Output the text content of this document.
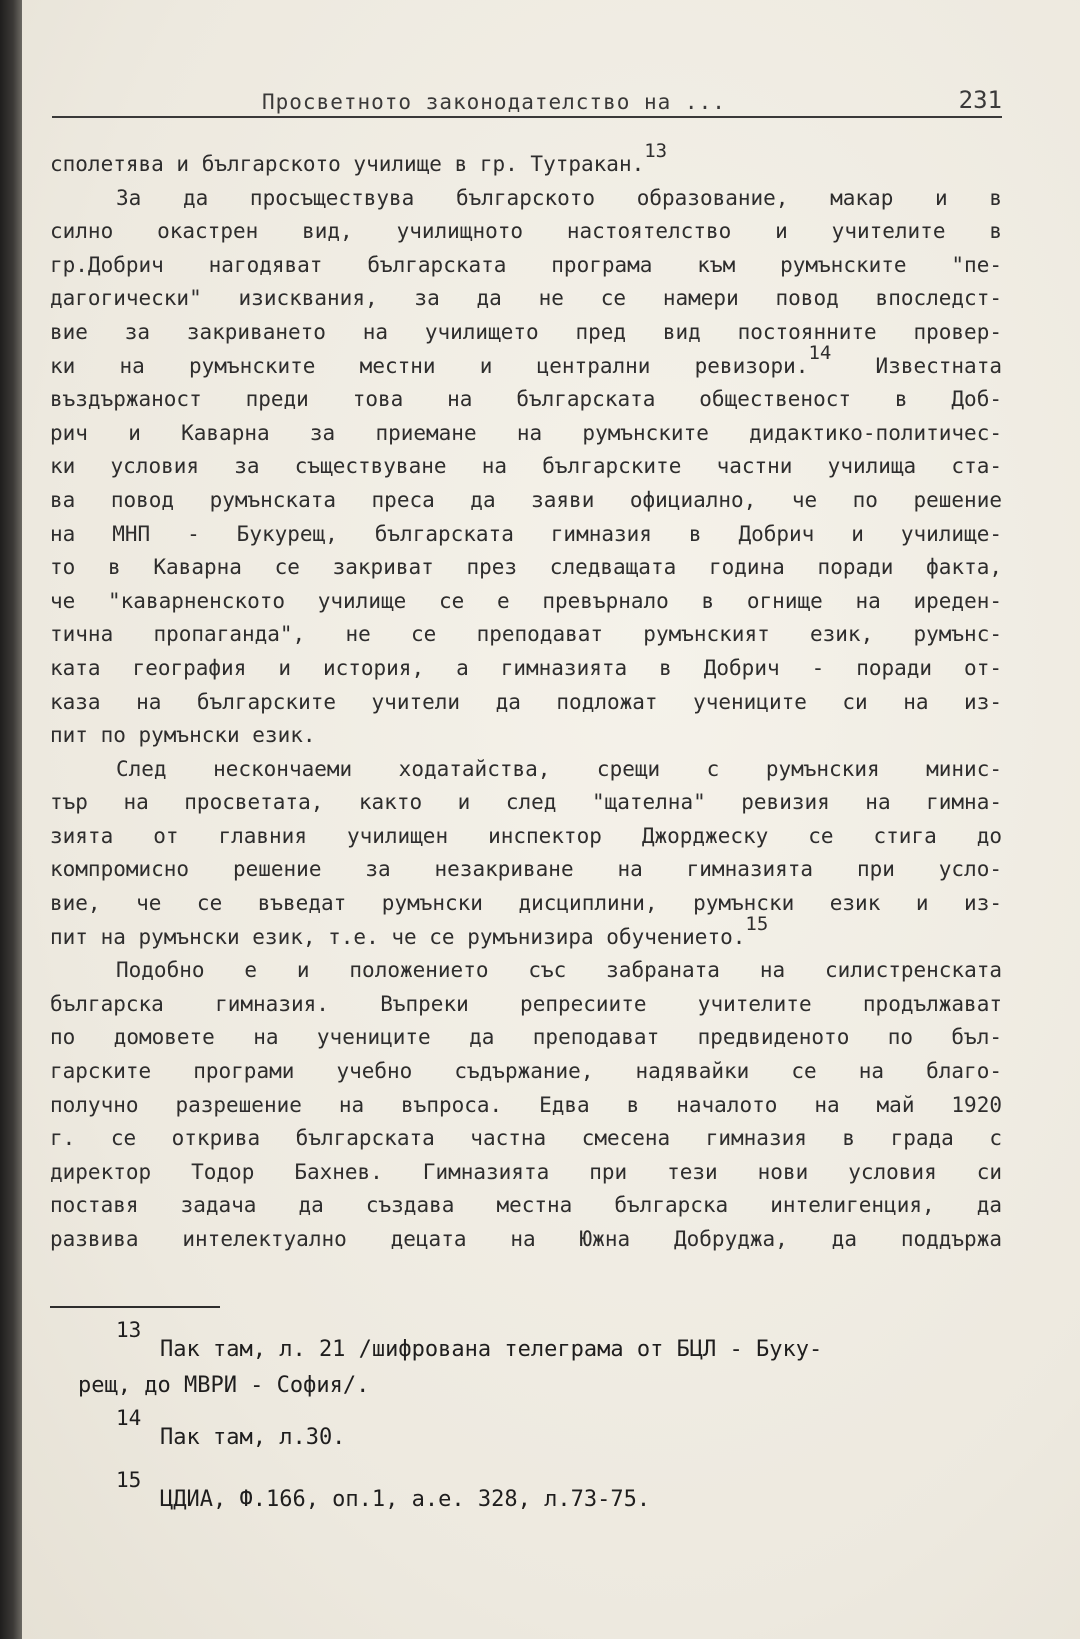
Просветното законодателство на ...	231
сполетява и българското училище в гр. Тутракан.$^{13}$
За да просъществува българското образование, макар и в
силно окастрен вид, училищното настоятелство и учителите в
гр.Добрич нагодяват българската програма към румънските "пе-
дагогически" изисквания, за да не се намери повод впоследст-
вие за закриването на училището пред вид постоянните провер-
ки на румънските местни и централни ревизори.$^{14}$ Известната
въздържаност преди това на българската общественост в Доб-
рич и Каварна за приемане на румънските дидактико-политичес-
ки условия за съществуване на българските частни училища ста-
ва повод румънската преса да заяви официално, че по решение
на МНП - Букурещ, българската гимназия в Добрич и училище-
то в Каварна се закриват през следващата година поради факта,
че "каварненското училище се е превърнало в огнище на ирeден-
тична пропаганда", не се преподават румънският език, румънс-
ката география и история, а гимназията в Добрич - поради от-
каза на българските учители да подложат учениците си на из-
пит по румънски език.
След нескончаеми ходатайства, срещи с румънския минис-
тър на просветата, както и след "щателна" ревизия на гимна-
зията от главния училищен инспектор Джорджеску се стига до
компромисно решение за незакриване на гимназията при усло-
вие, че се въведат румънски дисциплини, румънски език и из-
пит на румънски език, т.е. че се румънизира обучението.$^{15}$
Подобно е и положението със забраната на силистренската
българска гимназия. Въпреки репресиите учителите продължават
по домовете на учениците да преподават предвиденото по бъл-
гарските програми учебно съдържание, надявайки се на благо-
получно разрешение на въпроса. Едва в началото на май 1920
г. се открива българската частна смесена гимназия в града с
директор Тодор Бахнев. Гимназията при тези нови условия си
поставя задача да създава местна българска интелигенция, да
развива интелектуално децата на Южна Добруджа, да поддържа
13
Пак там, л. 21 /шифрована телеграма от БЦЛ - Буку-
рещ, до МВРИ - София/.
14
Пак там, л.30.
15
ЦДИА, Ф.166, оп.1, а.е. 328, л.73-75.
